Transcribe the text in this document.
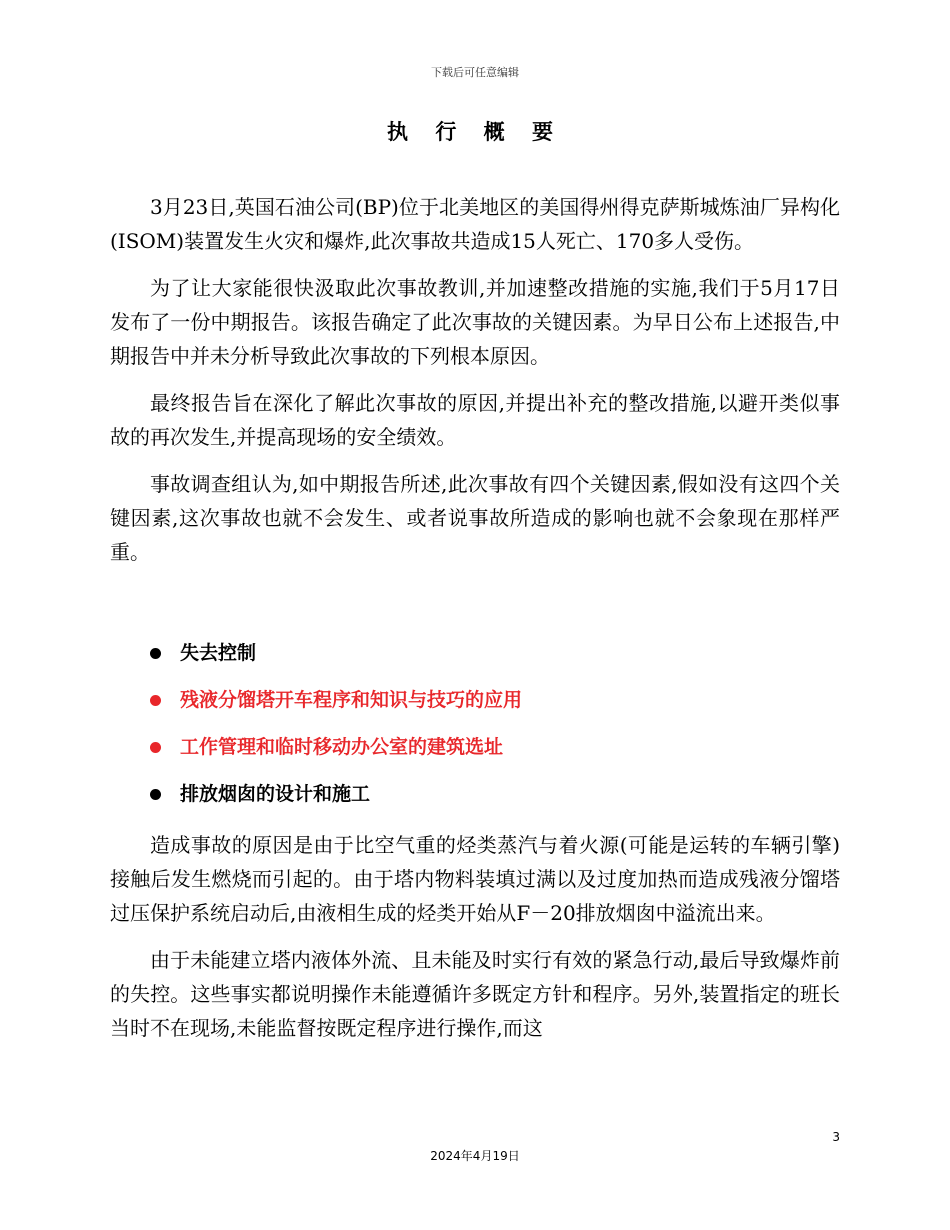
下载后可任意编辑
执 行 概 要

3月23日,英国石油公司(BP)位于北美地区的美国得州得克萨斯城炼油厂异构化(ISOM)装置发生火灾和爆炸,此次事故共造成15人死亡、170多人受伤。

为了让大家能很快汲取此次事故教训,并加速整改措施的实施,我们于5月17日发布了一份中期报告。该报告确定了此次事故的关键因素。为早日公布上述报告,中期报告中并未分析导致此次事故的下列根本原因。

最终报告旨在深化了解此次事故的原因,并提出补充的整改措施,以避开类似事故的再次发生,并提高现场的安全绩效。

事故调查组认为,如中期报告所述,此次事故有四个关键因素,假如没有这四个关键因素,这次事故也就不会发生、或者说事故所造成的影响也就不会象现在那样严重。

失去控制
残液分馏塔开车程序和知识与技巧的应用
工作管理和临时移动办公室的建筑选址
排放烟囱的设计和施工

造成事故的原因是由于比空气重的烃类蒸汽与着火源(可能是运转的车辆引擎)接触后发生燃烧而引起的。由于塔内物料装填过满以及过度加热而造成残液分馏塔过压保护系统启动后,由液相生成的烃类开始从F－20排放烟囱中溢流出来。

由于未能建立塔内液体外流、且未能及时实行有效的紧急行动,最后导致爆炸前的失控。这些事实都说明操作未能遵循许多既定方针和程序。另外,装置指定的班长当时不在现场,未能监督按既定程序进行操作,而这

3
2024年4月19日
